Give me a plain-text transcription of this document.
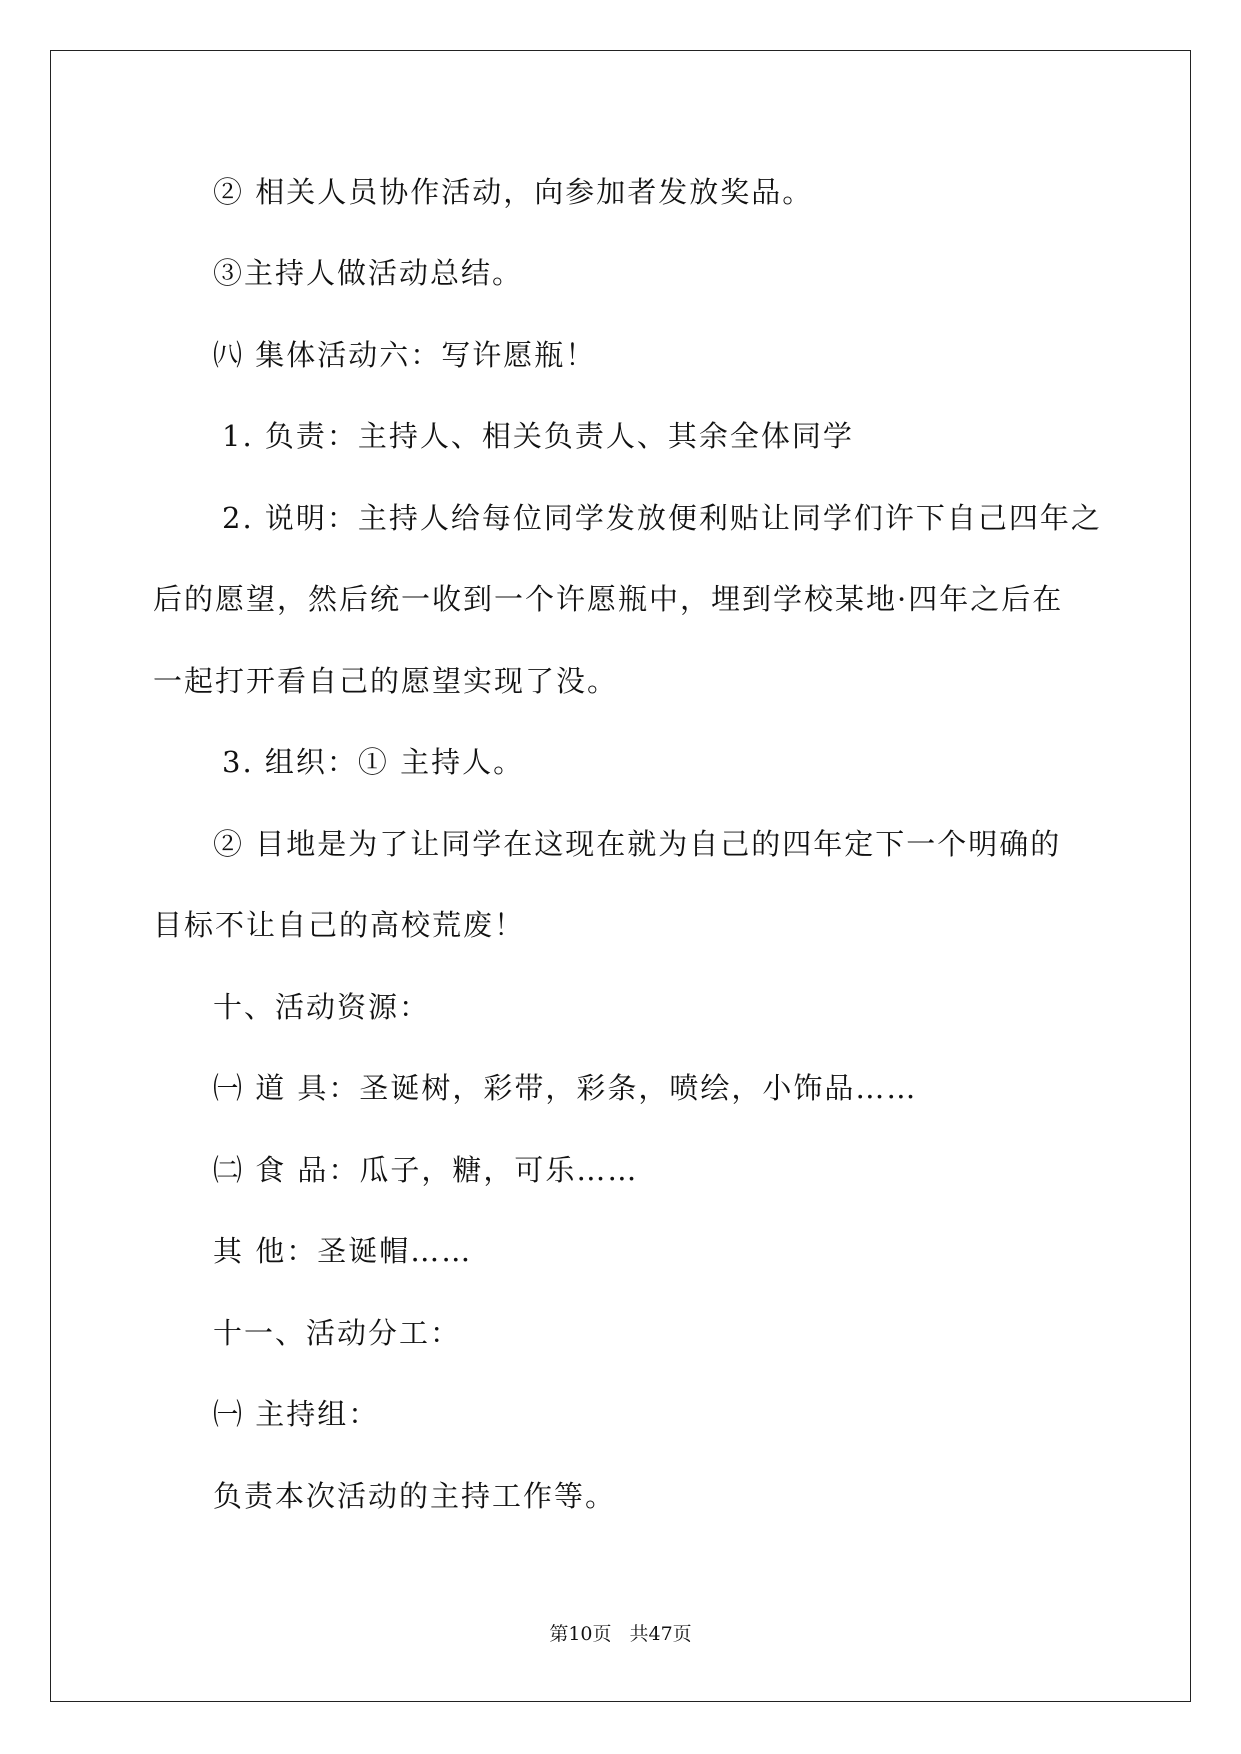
② 相关人员协作活动，向参加者发放奖品。
③主持人做活动总结。
㈧ 集体活动六：写许愿瓶！
1. 负责：主持人、相关负责人、其余全体同学
2. 说明：主持人给每位同学发放便利贴让同学们许下自己四年之
后的愿望，然后统一收到一个许愿瓶中，埋到学校某地·四年之后在
一起打开看自己的愿望实现了没。
3. 组织：① 主持人。
② 目地是为了让同学在这现在就为自己的四年定下一个明确的
目标不让自己的高校荒废！
十、活动资源：
㈠ 道 具：圣诞树，彩带，彩条，喷绘，小饰品……
㈡ 食 品：瓜子，糖，可乐……
其 他：圣诞帽……
十一、活动分工：
㈠ 主持组：
负责本次活动的主持工作等。
第10页 共47页
